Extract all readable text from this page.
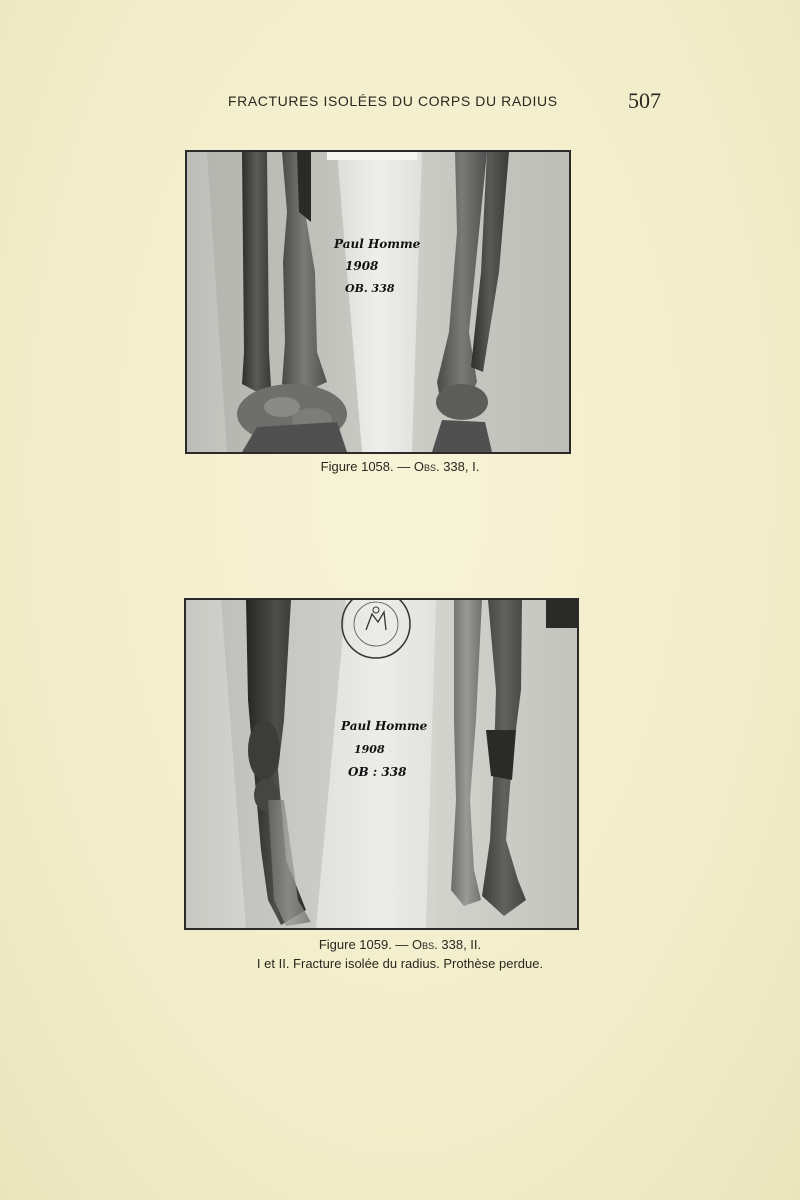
FRACTURES ISOLÉES DU CORPS DU RADIUS	507
Paul Homme
1908
OB. 338
Figure 1058. — Obs. 338, I.
Paul Homme
1908
OB : 338
Figure 1059. — Obs. 338, II.
I et II. Fracture isolée du radius. Prothèse perdue.
